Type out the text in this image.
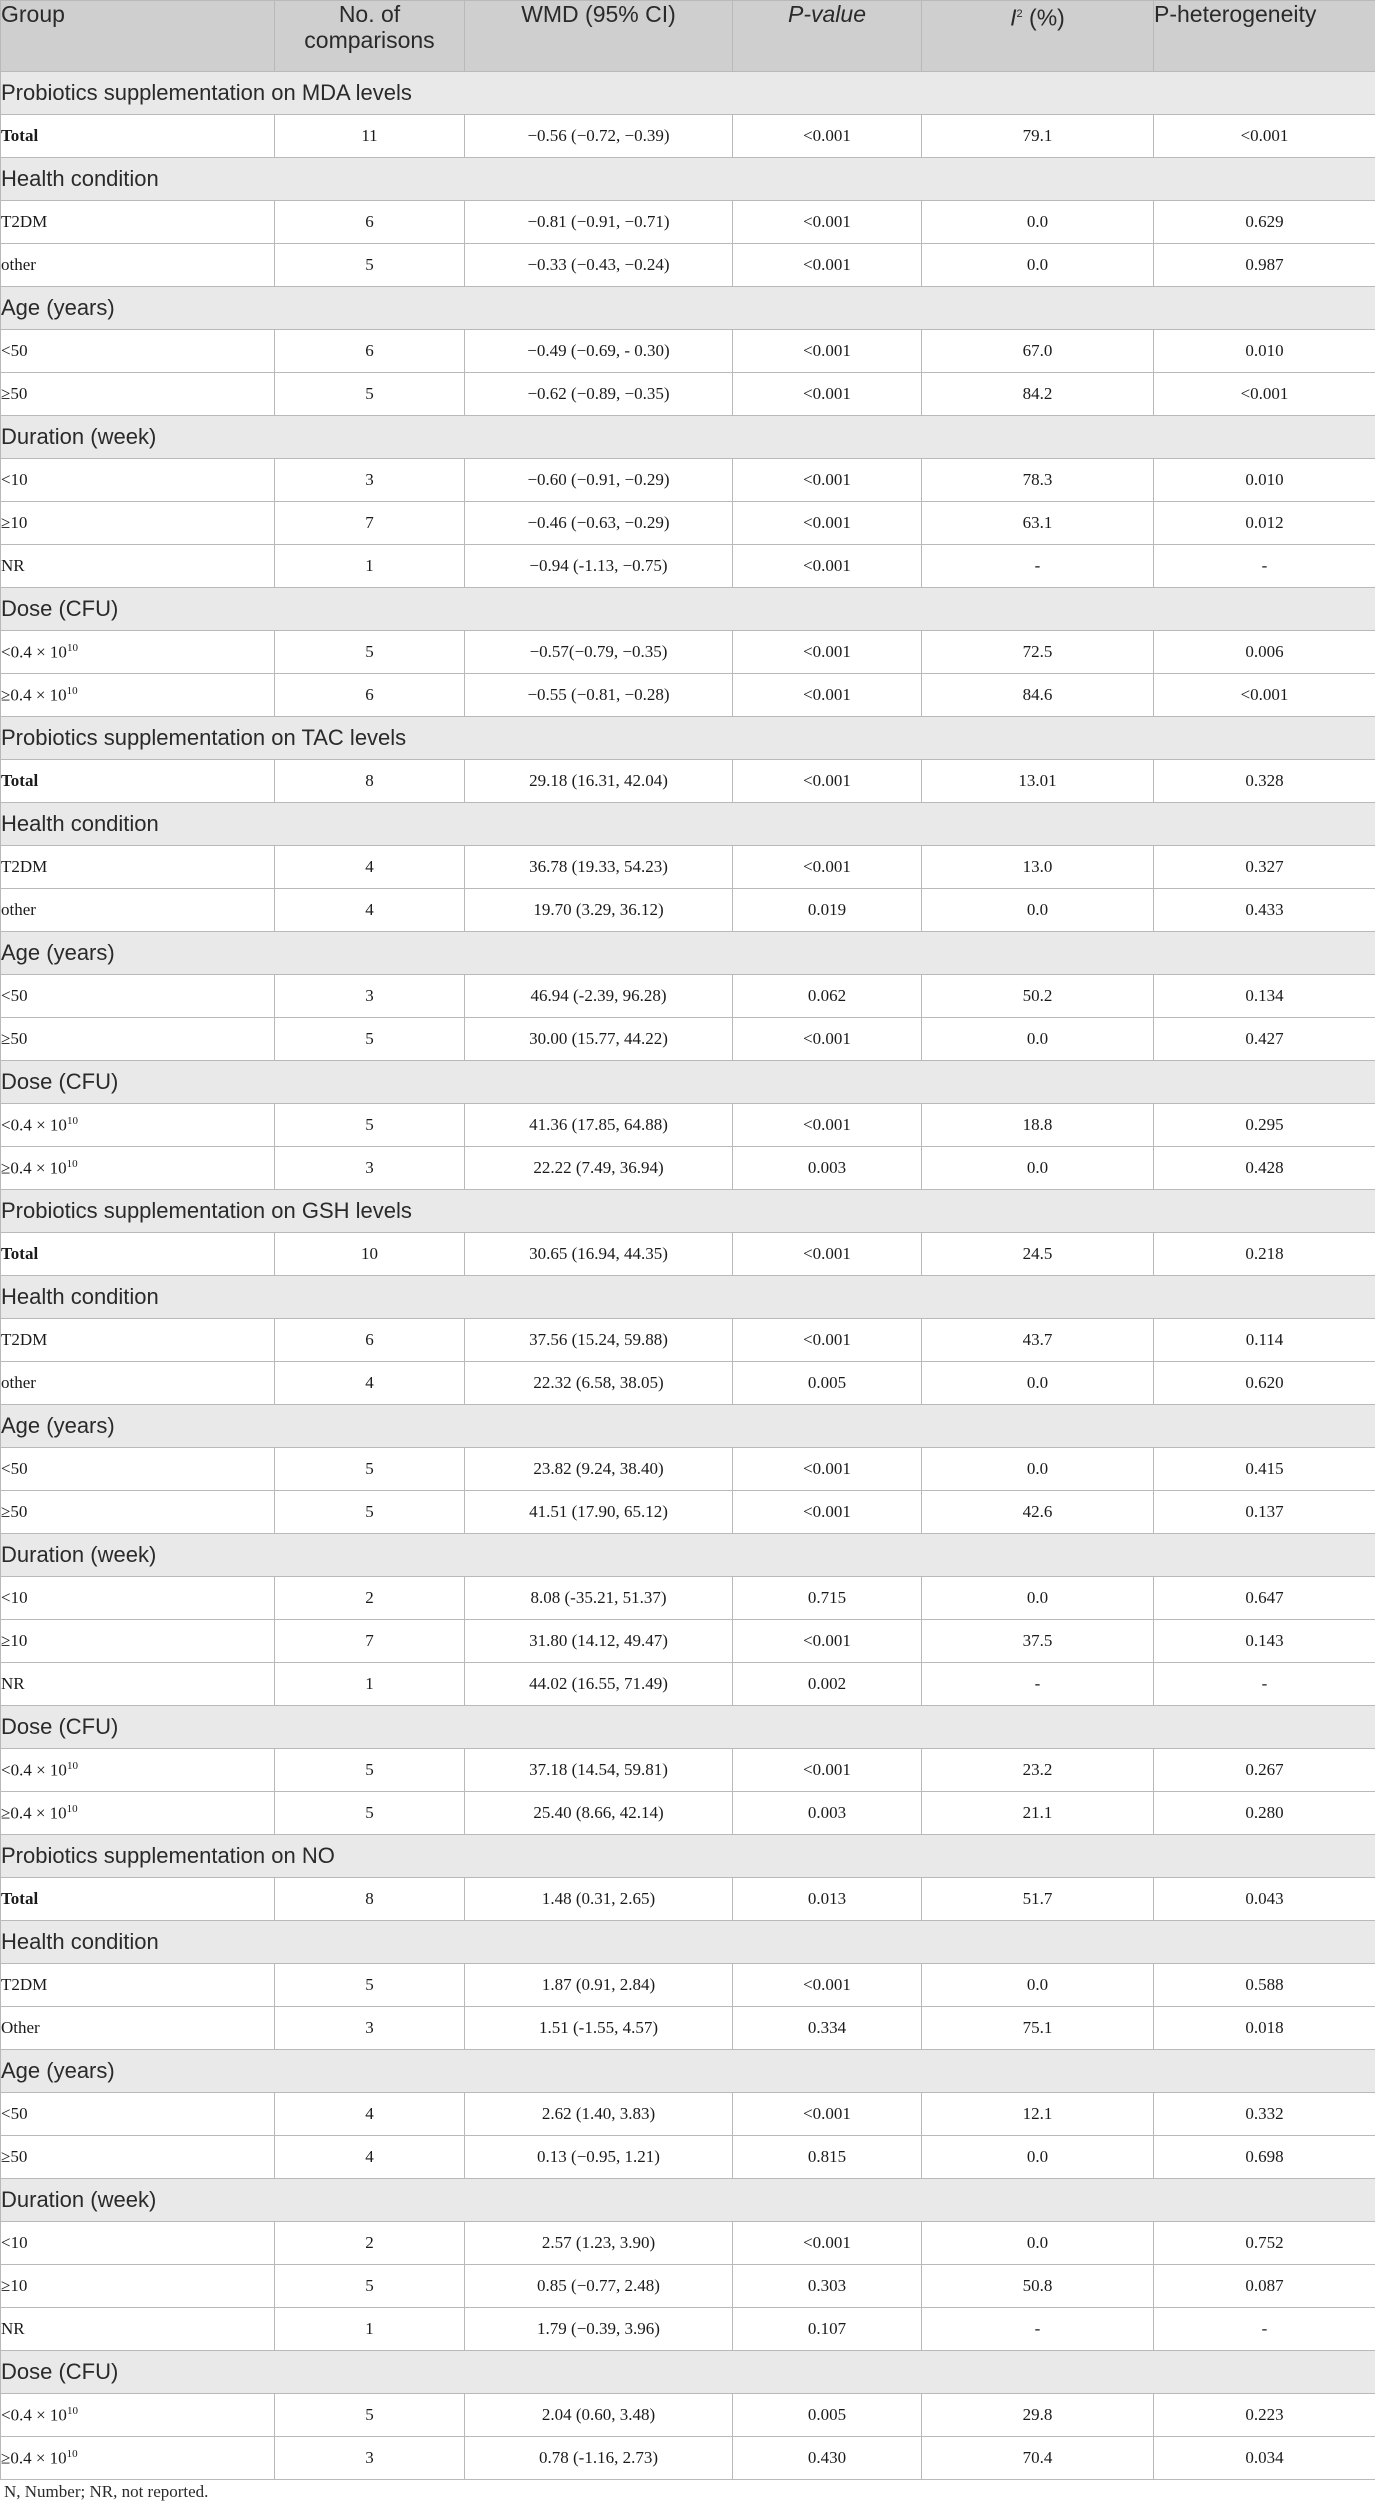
Group	No. of comparisons	WMD (95% CI)	P-value	$I^2$ (%)	P-heterogeneity
Probiotics supplementation on MDA levels					
Total	11	−0.56 (−0.72, −0.39)	<0.001	79.1	<0.001
Health condition					
T2DM	6	−0.81 (−0.91, −0.71)	<0.001	0.0	0.629
other	5	−0.33 (−0.43, −0.24)	<0.001	0.0	0.987
Age (years)					
<50	6	−0.49 (−0.69, - 0.30)	<0.001	67.0	0.010
≥50	5	−0.62 (−0.89, −0.35)	<0.001	84.2	<0.001
Duration (week)					
<10	3	−0.60 (−0.91, −0.29)	<0.001	78.3	0.010
≥10	7	−0.46 (−0.63, −0.29)	<0.001	63.1	0.012
NR	1	−0.94 (-1.13, −0.75)	<0.001	-	-
Dose (CFU)					
$<0.4 \times 10^{10}$	5	−0.57(−0.79, −0.35)	<0.001	72.5	0.006
$\ge 0.4 \times 10^{10}$	6	−0.55 (−0.81, −0.28)	<0.001	84.6	<0.001
Probiotics supplementation on TAC levels					
Total	8	29.18 (16.31, 42.04)	<0.001	13.01	0.328
Health condition					
T2DM	4	36.78 (19.33, 54.23)	<0.001	13.0	0.327
other	4	19.70 (3.29, 36.12)	0.019	0.0	0.433
Age (years)					
<50	3	46.94 (-2.39, 96.28)	0.062	50.2	0.134
≥50	5	30.00 (15.77, 44.22)	<0.001	0.0	0.427
Dose (CFU)					
$<0.4 \times 10^{10}$	5	41.36 (17.85, 64.88)	<0.001	18.8	0.295
$\ge 0.4 \times 10^{10}$	3	22.22 (7.49, 36.94)	0.003	0.0	0.428
Probiotics supplementation on GSH levels					
Total	10	30.65 (16.94, 44.35)	<0.001	24.5	0.218
Health condition					
T2DM	6	37.56 (15.24, 59.88)	<0.001	43.7	0.114
other	4	22.32 (6.58, 38.05)	0.005	0.0	0.620
Age (years)					
<50	5	23.82 (9.24, 38.40)	<0.001	0.0	0.415
≥50	5	41.51 (17.90, 65.12)	<0.001	42.6	0.137
Duration (week)					
<10	2	8.08 (-35.21, 51.37)	0.715	0.0	0.647
≥10	7	31.80 (14.12, 49.47)	<0.001	37.5	0.143
NR	1	44.02 (16.55, 71.49)	0.002	-	-
Dose (CFU)					
$<0.4 \times 10^{10}$	5	37.18 (14.54, 59.81)	<0.001	23.2	0.267
$\ge 0.4 \times 10^{10}$	5	25.40 (8.66, 42.14)	0.003	21.1	0.280
Probiotics supplementation on NO					
Total	8	1.48 (0.31, 2.65)	0.013	51.7	0.043
Health condition					
T2DM	5	1.87 (0.91, 2.84)	<0.001	0.0	0.588
Other	3	1.51 (-1.55, 4.57)	0.334	75.1	0.018
Age (years)					
<50	4	2.62 (1.40, 3.83)	<0.001	12.1	0.332
≥50	4	0.13 (−0.95, 1.21)	0.815	0.0	0.698
Duration (week)					
<10	2	2.57 (1.23, 3.90)	<0.001	0.0	0.752
≥10	5	0.85 (−0.77, 2.48)	0.303	50.8	0.087
NR	1	1.79 (−0.39, 3.96)	0.107	-	-
Dose (CFU)					
$<0.4 \times 10^{10}$	5	2.04 (0.60, 3.48)	0.005	29.8	0.223
$\ge 0.4 \times 10^{10}$	3	0.78 (-1.16, 2.73)	0.430	70.4	0.034
N, Number; NR, not reported.
